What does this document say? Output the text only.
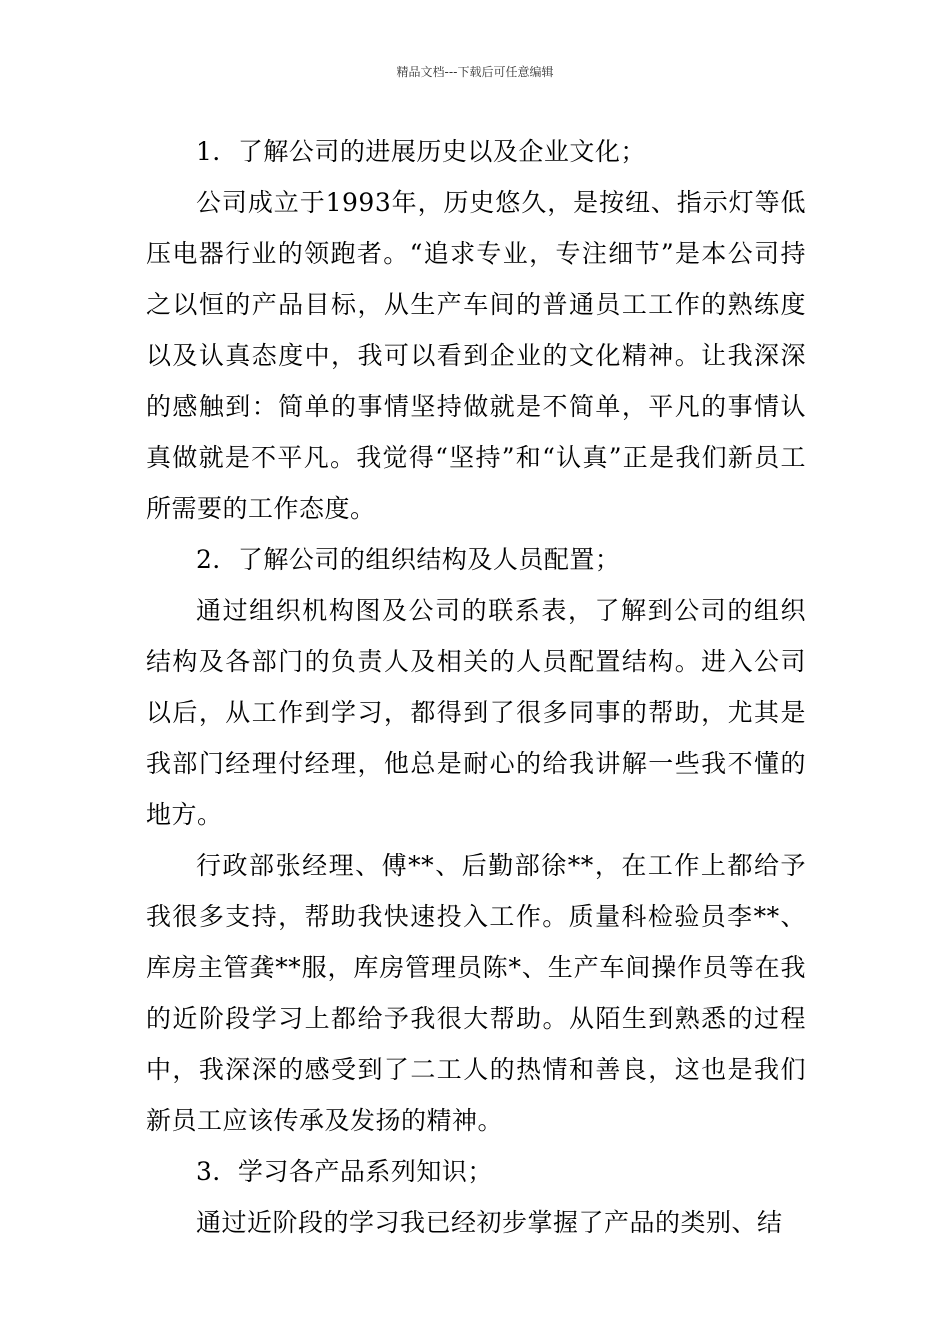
精品文档---下载后可任意编辑

1．了解公司的进展历史以及企业文化；

公司成立于1993年，历史悠久，是按纽、指示灯等低压电器行业的领跑者。“追求专业，专注细节”是本公司持之以恒的产品目标，从生产车间的普通员工工作的熟练度以及认真态度中，我可以看到企业的文化精神。让我深深的感触到：简单的事情坚持做就是不简单，平凡的事情认真做就是不平凡。我觉得“坚持”和“认真”正是我们新员工所需要的工作态度。

2．了解公司的组织结构及人员配置；

通过组织机构图及公司的联系表，了解到公司的组织结构及各部门的负责人及相关的人员配置结构。进入公司以后，从工作到学习，都得到了很多同事的帮助，尤其是我部门经理付经理，他总是耐心的给我讲解一些我不懂的地方。

行政部张经理、傅**、后勤部徐**，在工作上都给予我很多支持，帮助我快速投入工作。质量科检验员李**、库房主管龚**服，库房管理员陈*、生产车间操作员等在我的近阶段学习上都给予我很大帮助。从陌生到熟悉的过程中，我深深的感受到了二工人的热情和善良，这也是我们新员工应该传承及发扬的精神。

3．学习各产品系列知识；

通过近阶段的学习我已经初步掌握了产品的类别、结
